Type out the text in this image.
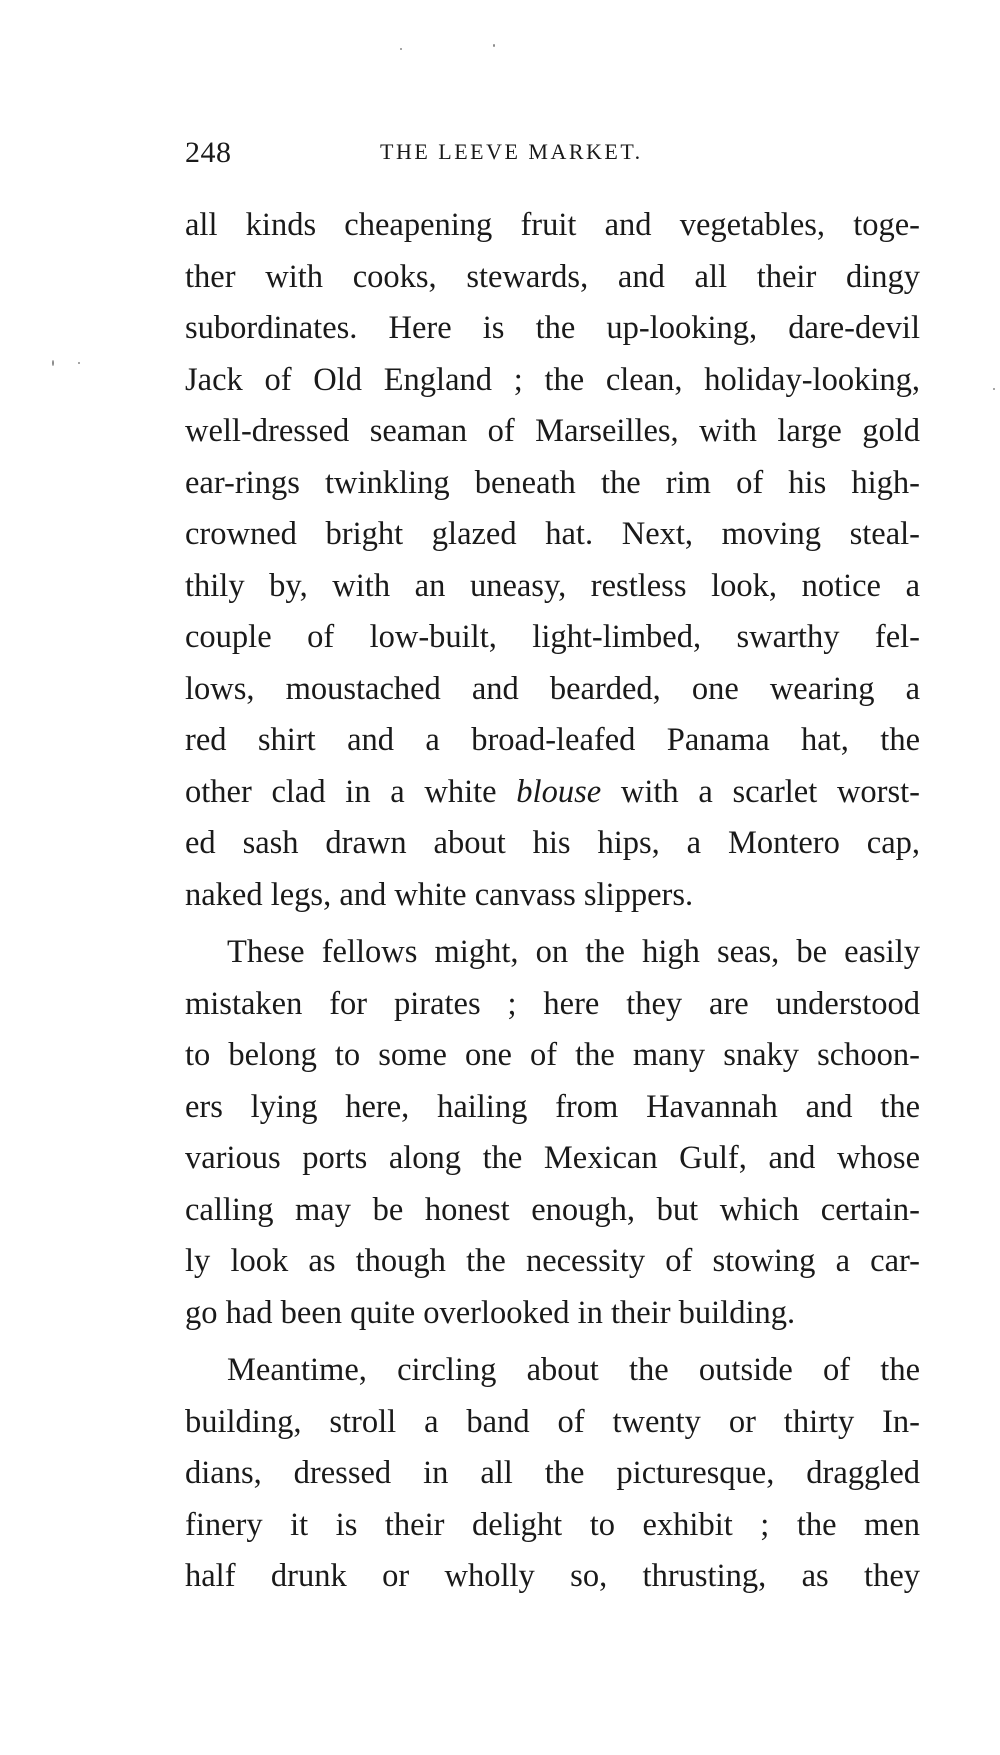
248	THE LEEVE MARKET.
all kinds cheapening fruit and vegetables, toge-
ther with cooks, stewards, and all their dingy
subordinates. Here is the up-looking, dare-devil
Jack of Old England ; the clean, holiday-looking,
well-dressed seaman of Marseilles, with large gold
ear-rings twinkling beneath the rim of his high-
crowned bright glazed hat. Next, moving steal-
thily by, with an uneasy, restless look, notice a
couple of low-built, light-limbed, swarthy fel-
lows, moustached and bearded, one wearing a
red shirt and a broad-leafed Panama hat, the
other clad in a white blouse with a scarlet worst-
ed sash drawn about his hips, a Montero cap,
naked legs, and white canvass slippers.
These fellows might, on the high seas, be easily
mistaken for pirates ; here they are understood
to belong to some one of the many snaky schoon-
ers lying here, hailing from Havannah and the
various ports along the Mexican Gulf, and whose
calling may be honest enough, but which certain-
ly look as though the necessity of stowing a car-
go had been quite overlooked in their building.
Meantime, circling about the outside of the
building, stroll a band of twenty or thirty In-
dians, dressed in all the picturesque, draggled
finery it is their delight to exhibit ; the men
half drunk or wholly so, thrusting, as they
